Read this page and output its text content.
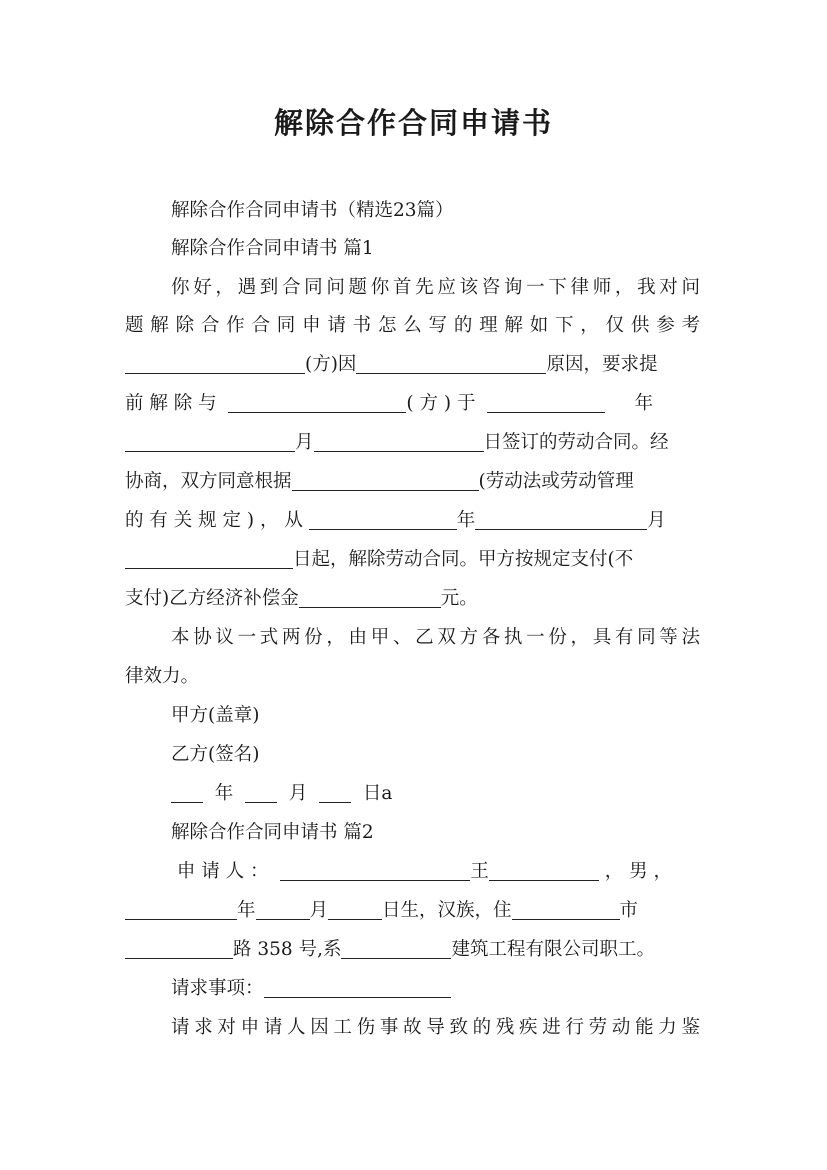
解除合作合同申请书
解除合作合同申请书（精选23篇）
解除合作合同申请书 篇1
你好，遇到合同问题你首先应该咨询一下律师，我对问
题解除合作合同申请书怎么写的理解如下，仅供参考
(方)因	原因，要求提
前 解 除 与	( 方 ) 于	年
月	日签订的劳动合同。经
协商，双方同意根据	(劳动法或劳动管理
的 有 关 规 定 ) ， 从	年	月
日起，解除劳动合同。甲方按规定支付(不
支付)乙方经济补偿金	元。
本协议一式两份，由甲、乙双方各执一份，具有同等法
律效力。
甲方(盖章)
乙方(签名)
年	月	日a
解除合作合同申请书 篇2
申 请 人 ：	王	， 男 ，
年	月	日生，汉族，住	市
路 358 号,系	建筑工程有限公司职工。
请求事项：
请求对申请人因工伤事故导致的残疾进行劳动能力鉴
